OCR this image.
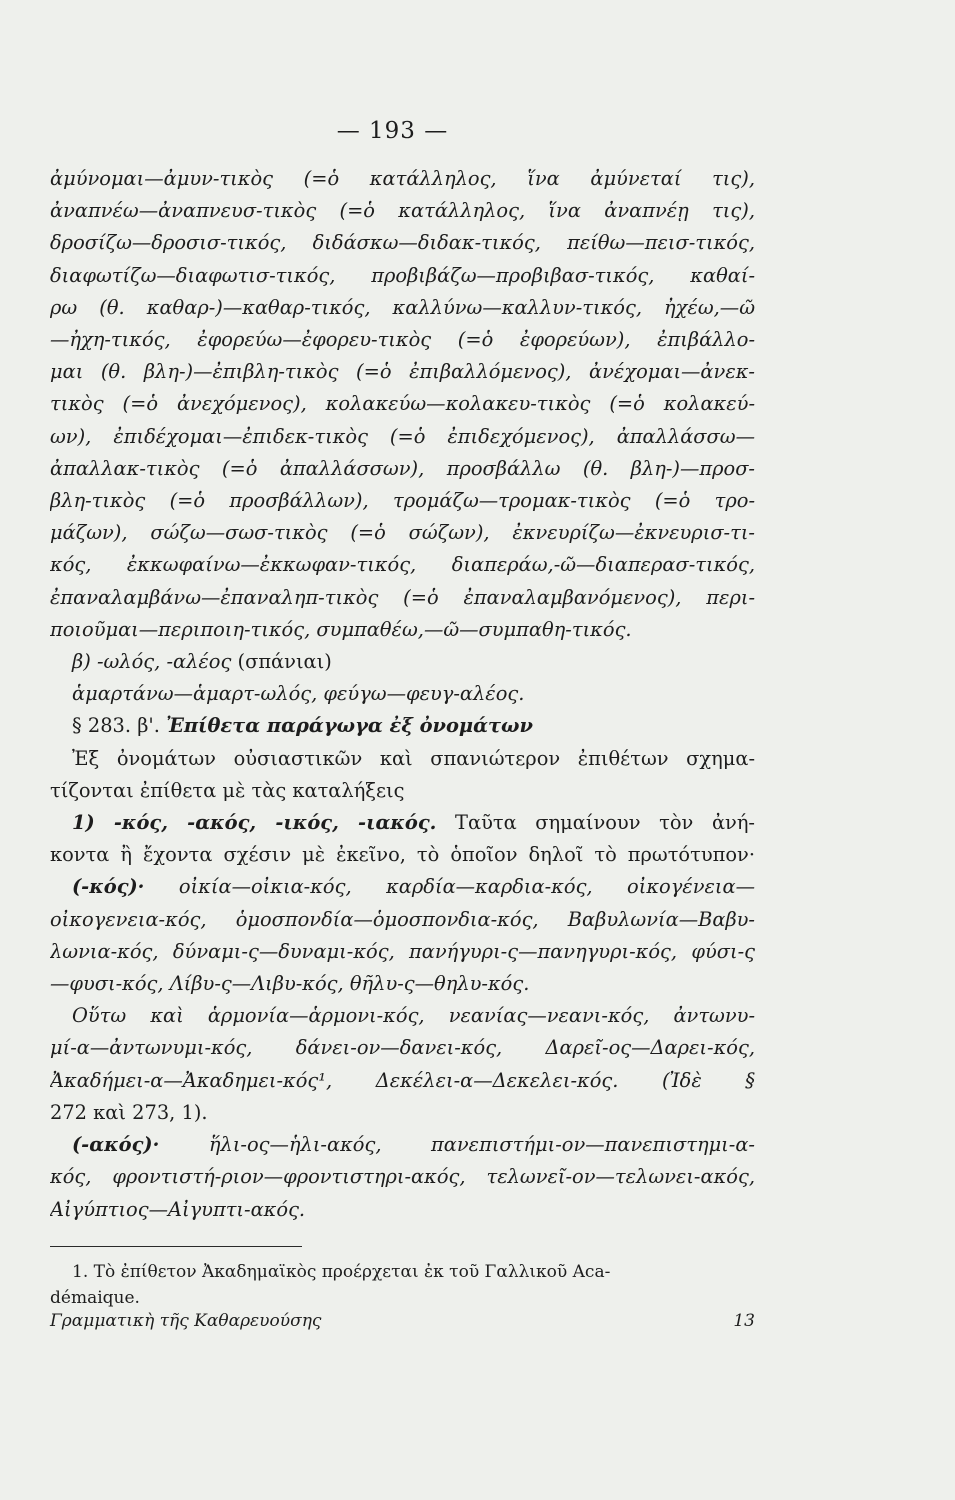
— 193 —
ἀμύνομαι—ἀμυν-τικὸς (=ὁ κατάλληλος, ἵνα ἀμύνεταί τις),
ἀναπνέω—ἀναπνευσ-τικὸς (=ὁ κατάλληλος, ἵνα ἀναπνέῃ τις),
δροσίζω—δροσισ-τικός, διδάσκω—διδακ-τικός, πείθω—πεισ-τικός,
διαφωτίζω—διαφωτισ-τικός, προβιβάζω—προβιβασ-τικός, καθαί-
ρω (θ. καθαρ-)—καθαρ-τικός, καλλύνω—καλλυν-τικός, ἠχέω,—ῶ
—ἠχη-τικός, ἐφορεύω—ἐφορευ-τικὸς (=ὁ ἐφορεύων), ἐπιβάλλο-
μαι (θ. βλη-)—ἐπιβλη-τικὸς (=ὁ ἐπιβαλλόμενος), ἀνέχομαι—ἀνεκ-
τικὸς (=ὁ ἀνεχόμενος), κολακεύω—κολακευ-τικὸς (=ὁ κολακεύ-
ων), ἐπιδέχομαι—ἐπιδεκ-τικὸς (=ὁ ἐπιδεχόμενος), ἀπαλλάσσω—
ἀπαλλακ-τικὸς (=ὁ ἀπαλλάσσων), προσβάλλω (θ. βλη-)—προσ-
βλη-τικὸς (=ὁ προσβάλλων), τρομάζω—τρομακ-τικὸς (=ὁ τρο-
μάζων), σώζω—σωσ-τικὸς (=ὁ σώζων), ἐκνευρίζω—ἐκνευρισ-τι-
κός, ἐκκωφαίνω—ἐκκωφαν-τικός, διαπεράω,-ῶ—διαπερασ-τικός,
ἐπαναλαμβάνω—ἐπαναληπ-τικὸς (=ὁ ἐπαναλαμβανόμενος), περι-
ποιοῦμαι—περιποιη-τικός, συμπαθέω,—ῶ—συμπαθη-τικός.
β) -ωλός, -αλέος (σπάνιαι)
ἁμαρτάνω—ἁμαρτ-ωλός, φεύγω—φευγ-αλέος.
§ 283. β'. Ἐπίθετα παράγωγα ἐξ ὀνομάτων
Ἐξ ὀνομάτων οὐσιαστικῶν καὶ σπανιώτερον ἐπιθέτων σχημα-
τίζονται ἐπίθετα μὲ τὰς καταλήξεις
1) -κός, -ακός, -ικός, -ιακός. Ταῦτα σημαίνουν τὸν ἀνή-
κοντα ἢ ἔχοντα σχέσιν μὲ ἐκεῖνο, τὸ ὁποῖον δηλοῖ τὸ πρωτότυπον·
(-κός)· οἰκία—οἰκια-κός, καρδία—καρδια-κός, οἰκογένεια—
οἰκογενεια-κός, ὁμοσπονδία—ὁμοσπονδια-κός, Βαβυλωνία—Βαβυ-
λωνια-κός, δύναμι-ς—δυναμι-κός, πανήγυρι-ς—πανηγυρι-κός, φύσι-ς
—φυσι-κός, Λίβυ-ς—Λιβυ-κός, θῆλυ-ς—θηλυ-κός.
Οὕτω καὶ ἁρμονία—ἁρμονι-κός, νεανίας—νεανι-κός, ἀντωνυ-
μί-α—ἀντωνυμι-κός, δάνει-ον—δανει-κός, Δαρεῖ-ος—Δαρει-κός,
Ἀκαδήμει-α—Ἀκαδημει-κός¹, Δεκέλει-α—Δεκελει-κός. (Ἰδὲ §
272 καὶ 273, 1).
(-ακός)·	ἥλι-ος—ἡλι-ακός, πανεπιστήμι-ον—πανεπιστημι-α-
κός, φροντιστή-ριον—φροντιστηρι-ακός, τελωνεῖ-ον—τελωνει-ακός,
Αἰγύπτιος—Αἰγυπτι-ακός.
1. Τὸ ἐπίθετον Ἀκαδημαϊκὸς προέρχεται ἐκ τοῦ Γαλλικοῦ Aca-
démaique.
Γραμματικὴ τῆς Καθαρευούσης	13
